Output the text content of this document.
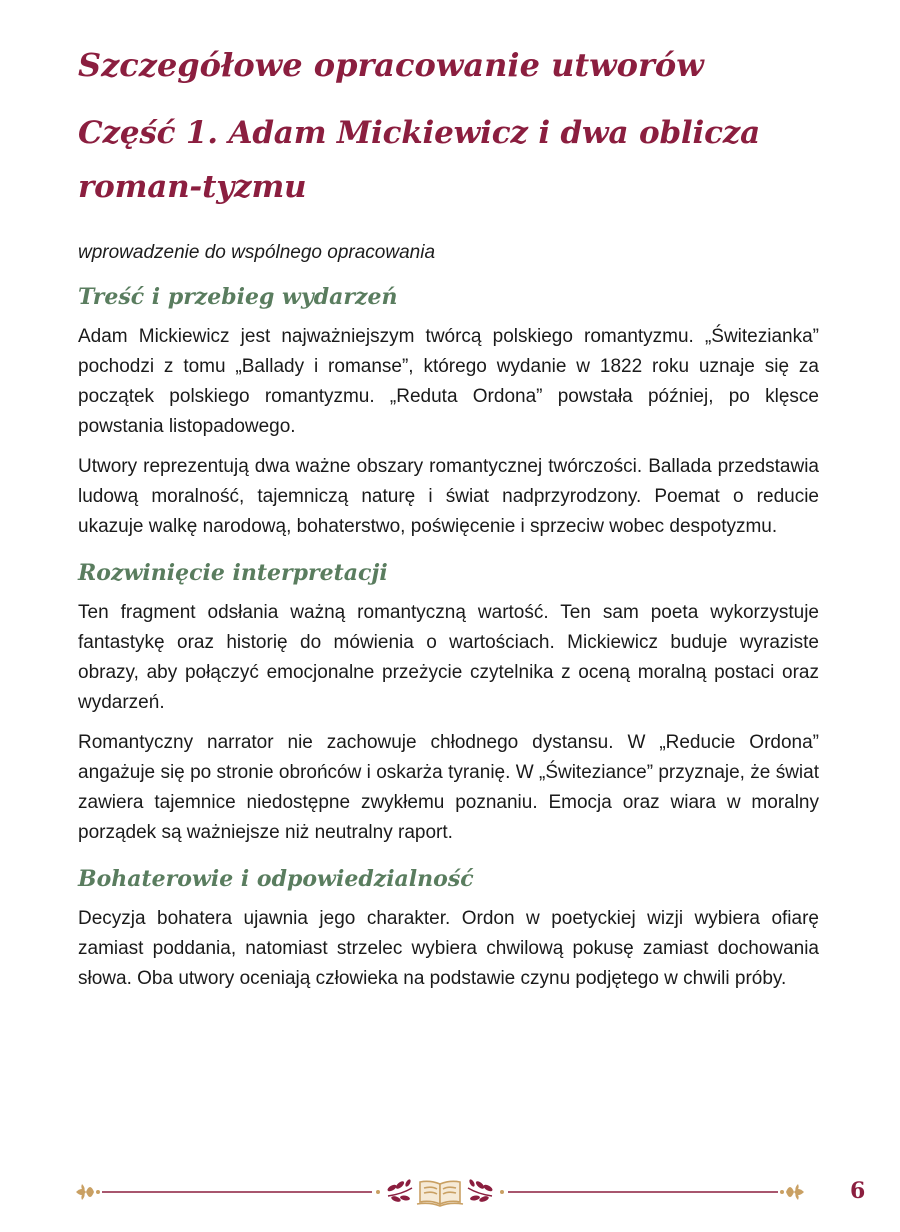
Szczegółowe opracowanie utworów
Część 1. Adam Mickiewicz i dwa oblicza roman-tyzmu

wprowadzenie do wspólnego opracowania

Treść i przebieg wydarzeń

Adam Mickiewicz jest najważniejszym twórcą polskiego romantyzmu. „Świtezianka” pochodzi z tomu „Ballady i romanse”, którego wydanie w 1822 roku uznaje się za początek polskiego romantyzmu. „Reduta Ordona” powstała później, po klęsce powstania listopadowego.

Utwory reprezentują dwa ważne obszary romantycznej twórczości. Ballada przedstawia ludową moralność, tajemniczą naturę i świat nadprzyrodzony. Poemat o reducie ukazuje walkę narodową, bohaterstwo, poświęcenie i sprzeciw wobec despotyzmu.

Rozwinięcie interpretacji

Ten fragment odsłania ważną romantyczną wartość. Ten sam poeta wykorzystuje fantastykę oraz historię do mówienia o wartościach. Mickiewicz buduje wyraziste obrazy, aby połączyć emocjonalne przeżycie czytelnika z oceną moralną postaci oraz wydarzeń.

Romantyczny narrator nie zachowuje chłodnego dystansu. W „Reducie Ordona” angażuje się po stronie obrońców i oskarża tyranię. W „Świteziance” przyznaje, że świat zawiera tajemnice niedostępne zwykłemu poznaniu. Emocja oraz wiara w moralny porządek są ważniejsze niż neutralny raport.

Bohaterowie i odpowiedzialność

Decyzja bohatera ujawnia jego charakter. Ordon w poetyckiej wizji wybiera ofiarę zamiast poddania, natomiast strzelec wybiera chwilową pokusę zamiast dochowania słowa. Oba utwory oceniają człowieka na podstawie czynu podjętego w chwili próby.

6
